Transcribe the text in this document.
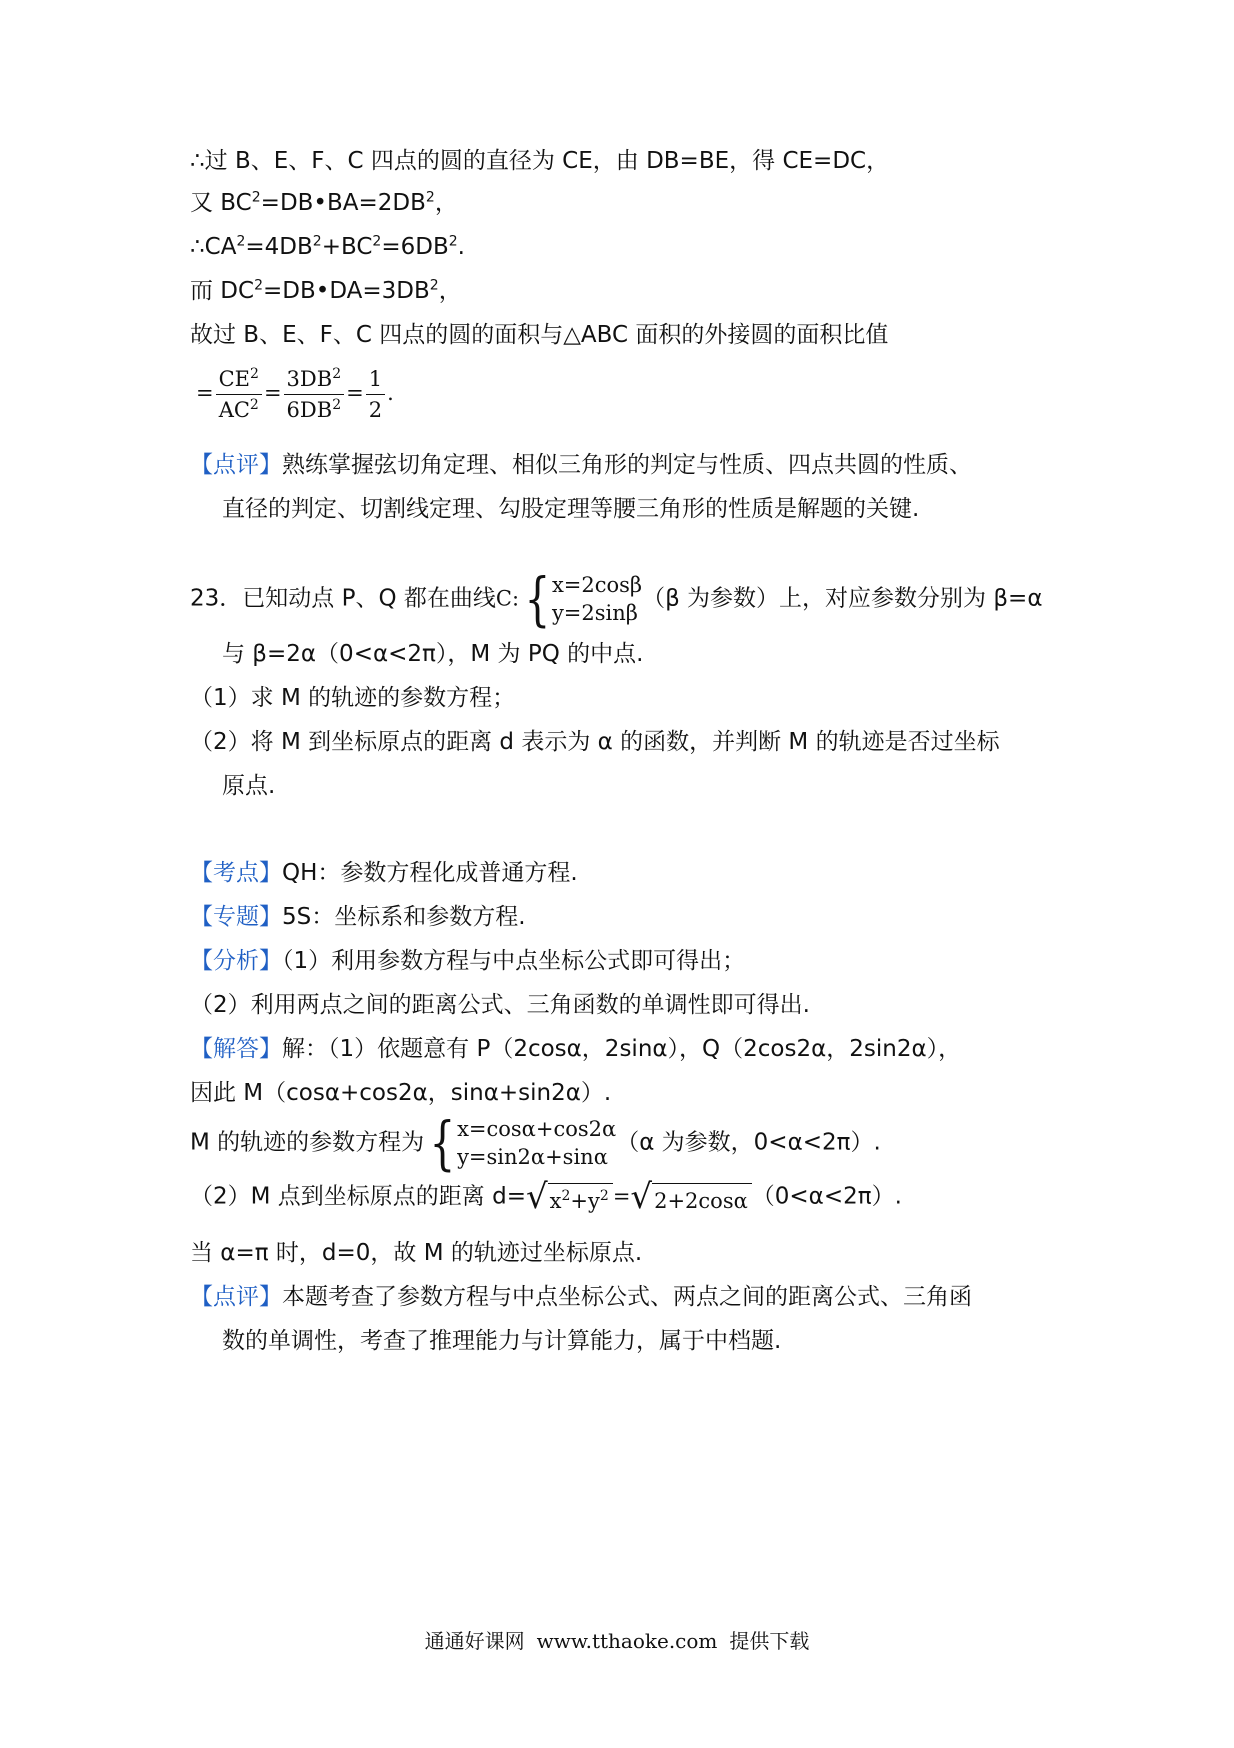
∴过 B、E、F、C 四点的圆的直径为 CE，由 DB=BE，得 CE=DC，
又 $BC^2=DB•BA=2DB^2$，
$\therefore CA^2=4DB^2+BC^2=6DB^2$.
而 $DC^2=DB•DA=3DB^2$，
故过 B、E、F、C 四点的圆的面积与△ABC 面积的外接圆的面积比值
= $\frac{CE^2}{AC^2} = \frac{3DB^2}{6DB^2} = \frac{1}{2}$ .
【点评】熟练掌握弦切角定理、相似三角形的判定与性质、四点共圆的性质、
直径的判定、切割线定理、勾股定理等腰三角形的性质是解题的关键.
23．已知动点 P、Q 都在曲线C: { x=2cosβ
y=2sinβ
（β 为参数）上，对应参数分别为 β=α
与 β=2α（0<α<2π），M 为 PQ 的中点.
（1）求 M 的轨迹的参数方程；
（2）将 M 到坐标原点的距离 d 表示为 α 的函数，并判断 M 的轨迹是否过坐标
原点.
【考点】QH：参数方程化成普通方程.
【专题】5S：坐标系和参数方程.
【分析】（1）利用参数方程与中点坐标公式即可得出；
（2）利用两点之间的距离公式、三角函数的单调性即可得出.
【解答】解：（1）依题意有 P（2cosα，2sinα），Q（2cos2α，2sin2α），
因此 M（cosα+cos2α，sinα+sin2α）.
M 的轨迹的参数方程为 { x=cosα+cos2α
y=sin2α+sinα
（α 为参数，0<α<2π）.
（2）M 点到坐标原点的距离 d= √ $x^2+y^2$ = √ 2+2cosα （0<α<2π）.
当 α=π 时，d=0，故 M 的轨迹过坐标原点.
【点评】本题考查了参数方程与中点坐标公式、两点之间的距离公式、三角函
数的单调性，考查了推理能力与计算能力，属于中档题.
通通好课网 www.tthaoke.com 提供下载
